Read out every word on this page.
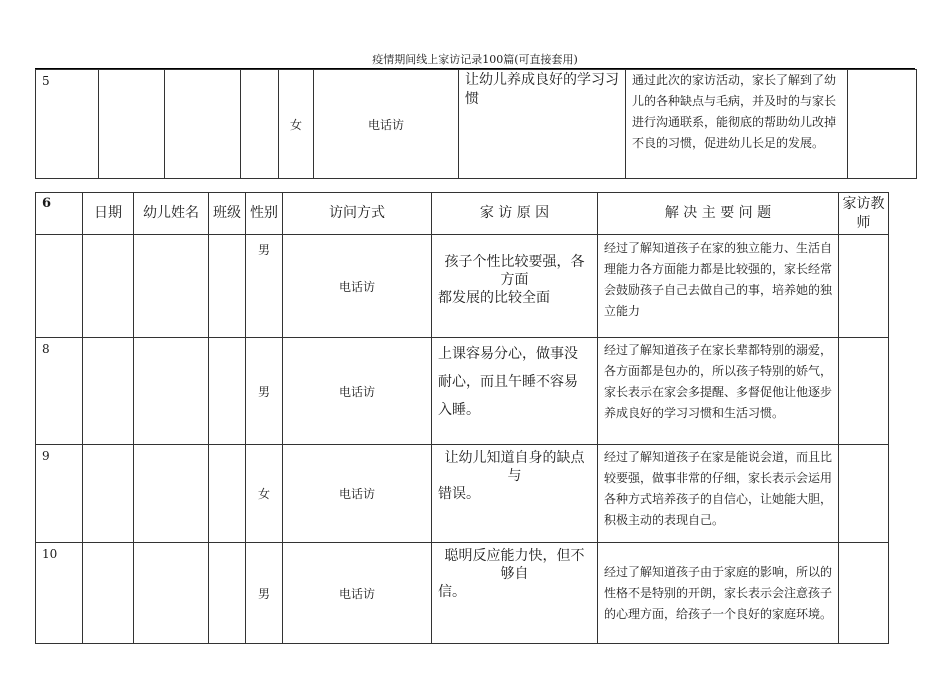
疫情期间线上家访记录100篇(可直接套用)
5				女	电话访	让幼儿养成良好的学习习惯	通过此次的家访活动，家长了解到了幼儿的各种缺点与毛病，并及时的与家长进行沟通联系，能彻底的帮助幼儿改掉不良的习惯，促进幼儿长足的发展。	
6	日期	幼儿姓名	班级	性别	访问方式	家 访 原 因	解 决 主 要 问 题	家访教师
				男	电话访	孩子个性比较要强，各方面
都发展的比较全面	经过了解知道孩子在家的独立能力、生活自理能力各方面能力都是比较强的，家长经常会鼓励孩子自己去做自己的事，培养她的独立能力	
8				男	电话访	上课容易分心，做事没耐心，而且午睡不容易入睡。	经过了解知道孩子在家长辈都特别的溺爱，各方面都是包办的，所以孩子特别的娇气，家长表示在家会多提醒、多督促他让他逐步养成良好的学习习惯和生活习惯。	
9				女	电话访	让幼儿知道自身的缺点与
错误。	经过了解知道孩子在家是能说会道，而且比较要强，做事非常的仔细，家长表示会运用各种方式培养孩子的自信心，让她能大胆，积极主动的表现自己。	
10				男	电话访	聪明反应能力快，但不够自
信。	经过了解知道孩子由于家庭的影响，所以的性格不是特别的开朗，家长表示会注意孩子的心理方面，给孩子一个良好的家庭环境。	
